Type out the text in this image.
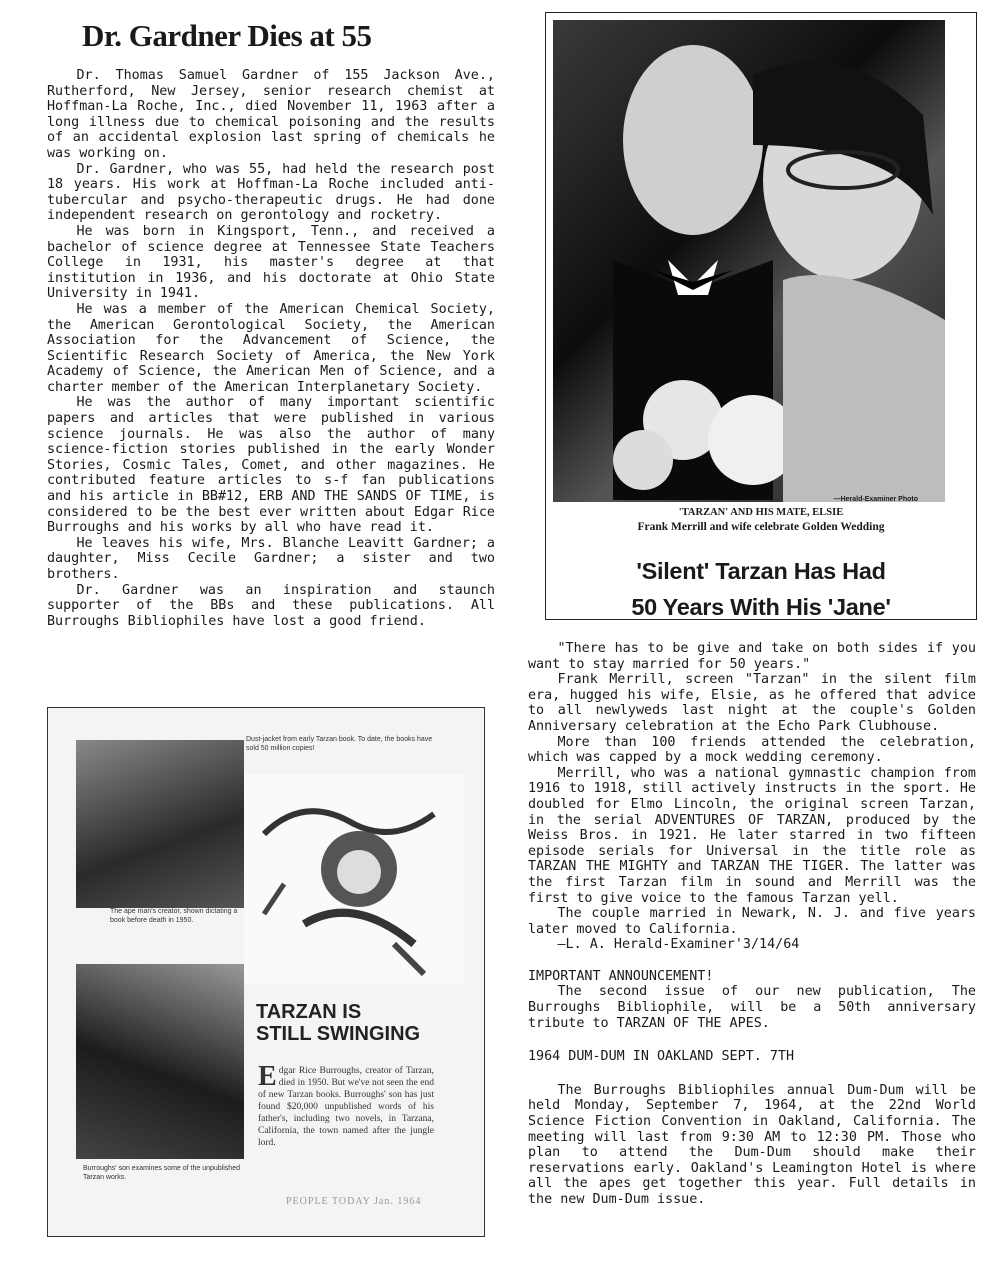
Dr. Gardner Dies at 55

Dr. Thomas Samuel Gardner of 155 Jackson Ave., Rutherford, New Jersey, senior research chemist at Hoffman-La Roche, Inc., died November 11, 1963 after a long illness due to chemical poisoning and the results of an accidental explosion last spring of chemicals he was working on.

Dr. Gardner, who was 55, had held the research post 18 years. His work at Hoffman-La Roche included anti-tubercular and psycho-therapeutic drugs. He had done independent research on gerontology and rocketry.

He was born in Kingsport, Tenn., and received a bachelor of science degree at Tennessee State Teachers College in 1931, his master's degree at that institution in 1936, and his doctorate at Ohio State University in 1941.

He was a member of the American Chemical Society, the American Gerontological Society, the American Association for the Advancement of Science, the Scientific Research Society of America, the New York Academy of Science, the American Men of Science, and a charter member of the American Interplanetary Society.

He was the author of many important scientific papers and articles that were published in various science journals. He was also the author of many science-fiction stories published in the early Wonder Stories, Cosmic Tales, Comet, and other magazines. He contributed feature articles to s-f fan publications and his article in BB#12, ERB AND THE SANDS OF TIME, is considered to be the best ever written about Edgar Rice Burroughs and his works by all who have read it.

He leaves his wife, Mrs. Blanche Leavitt Gardner; a daughter, Miss Cecile Gardner; a sister and two brothers.

Dr. Gardner was an inspiration and staunch supporter of the BBs and these publications. All Burroughs Bibliophiles have lost a good friend.

—Herald-Examiner Photo
'TARZAN' AND HIS MATE, ELSIE
Frank Merrill and wife celebrate Golden Wedding
'Silent' Tarzan Has Had
50 Years With His 'Jane'

"There has to be give and take on both sides if you want to stay married for 50 years."

Frank Merrill, screen "Tarzan" in the silent film era, hugged his wife, Elsie, as he offered that advice to all newlyweds last night at the couple's Golden Anniversary celebration at the Echo Park Clubhouse.

More than 100 friends attended the celebration, which was capped by a mock wedding ceremony.

Merrill, who was a national gymnastic champion from 1916 to 1918, still actively instructs in the sport. He doubled for Elmo Lincoln, the original screen Tarzan, in the serial ADVENTURES OF TARZAN, produced by the Weiss Bros. in 1921. He later starred in two fifteen episode serials for Universal in the title role as TARZAN THE MIGHTY and TARZAN THE TIGER. The latter was the first Tarzan film in sound and Merrill was the first to give voice to the famous Tarzan yell.

The couple married in Newark, N. J. and five years later moved to California.

—L. A. Herald-Examiner'3/14/64

IMPORTANT ANNOUNCEMENT!

The second issue of our new publication, The Burroughs Bibliophile, will be a 50th anniversary tribute to TARZAN OF THE APES.

1964 DUM-DUM IN OAKLAND SEPT. 7TH

The Burroughs Bibliophiles annual Dum-Dum will be held Monday, September 7, 1964, at the 22nd World Science Fiction Convention in Oakland, California. The meeting will last from 9:30 AM to 12:30 PM. Those who plan to attend the Dum-Dum should make their reservations early. Oakland's Leamington Hotel is where all the apes get together this year. Full details in the new Dum-Dum issue.

The ape man's creator, shown dictating a book before death in 1950.
Dust-jacket from early Tarzan book. To date, the books have sold 50 million copies!
Burroughs' son examines some of the unpublished Tarzan works.
TARZAN IS
STILL SWINGING
Edgar Rice Burroughs, creator of Tarzan, died in 1950. But we've not seen the end of new Tarzan books. Burroughs' son has just found $20,000 unpublished words of his father's, including two novels, in Tarzana, California, the town named after the jungle lord.
PEOPLE TODAY Jan. 1964
